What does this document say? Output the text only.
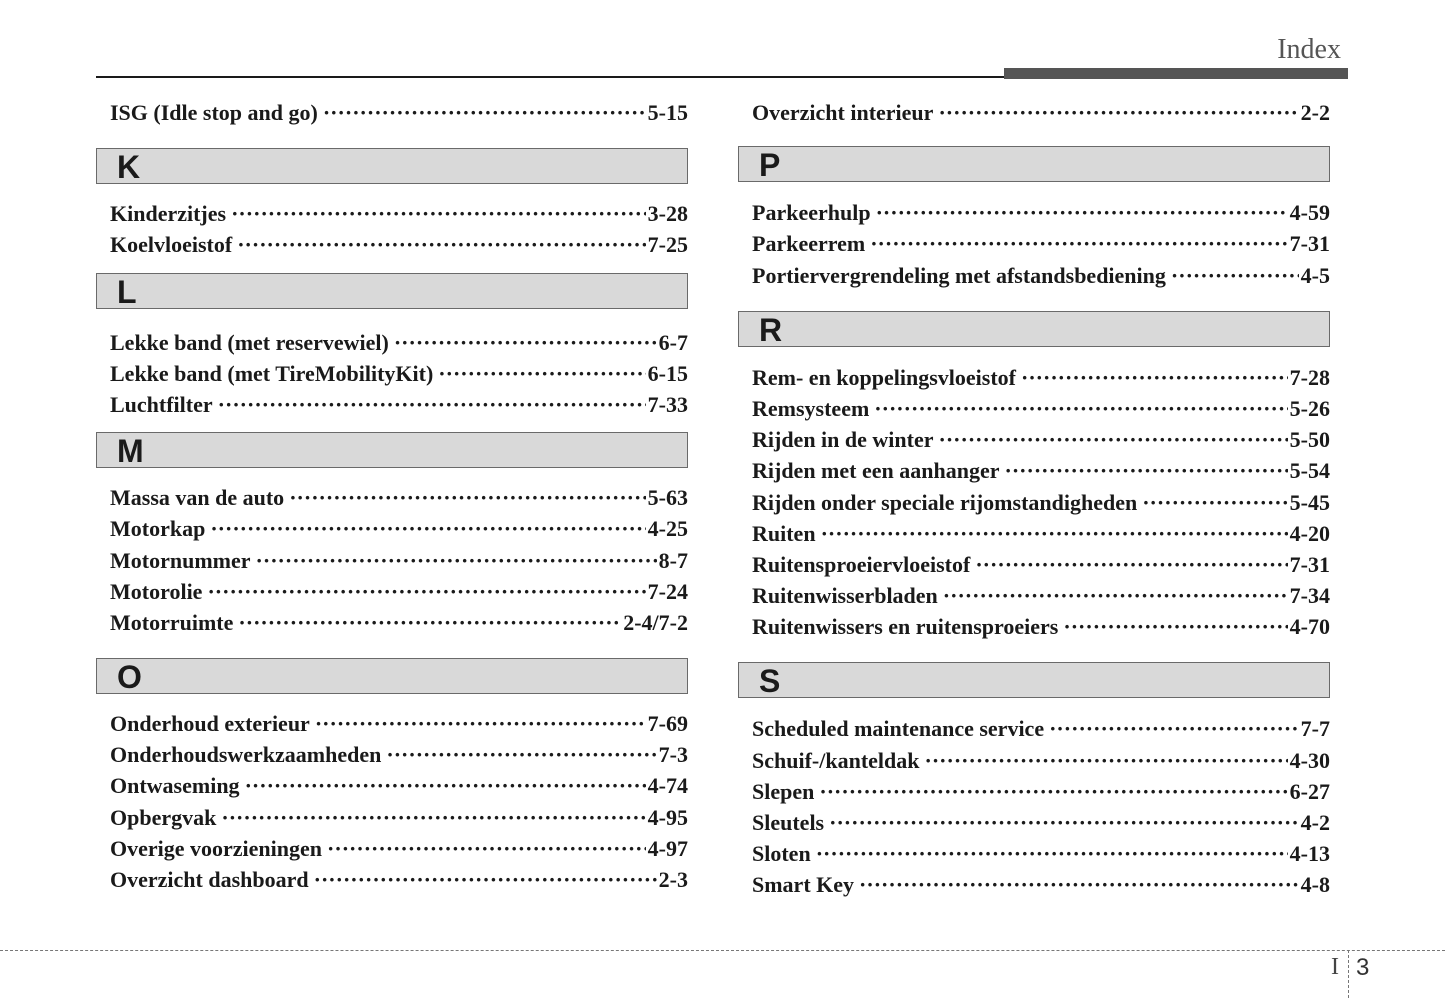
Index
ISG (Idle stop and go) ·····	5-15
K
Kinderzitjes ·····	3-28
Koelvloeistof ·····	7-25
L
Lekke band (met reservewiel) ·····	6-7
Lekke band (met TireMobilityKit) ·····	6-15
Luchtfilter ·····	7-33
M
Massa van de auto ·····	5-63
Motorkap ·····	4-25
Motornummer ·····	8-7
Motorolie ·····	7-24
Motorruimte ·····	2-4/7-2
O
Onderhoud exterieur ·····	7-69
Onderhoudswerkzaamheden ·····	7-3
Ontwaseming ·····	4-74
Opbergvak ·····	4-95
Overige voorzieningen ·····	4-97
Overzicht dashboard ·····	2-3
Overzicht interieur ·····	2-2
P
Parkeerhulp ·····	4-59
Parkeerrem ·····	7-31
Portiervergrendeling met afstandsbediening ·····	4-5
R
Rem- en koppelingsvloeistof ·····	7-28
Remsysteem ·····	5-26
Rijden in de winter ·····	5-50
Rijden met een aanhanger ·····	5-54
Rijden onder speciale rijomstandigheden ·····	5-45
Ruiten ·····	4-20
Ruitensproeiervloeistof ·····	7-31
Ruitenwisserbladen ·····	7-34
Ruitenwissers en ruitensproeiers ·····	4-70
S
Scheduled maintenance service ·····	7-7
Schuif-/kanteldak ·····	4-30
Slepen ·····	6-27
Sleutels ·····	4-2
Sloten ·····	4-13
Smart Key ·····	4-8
I 3
